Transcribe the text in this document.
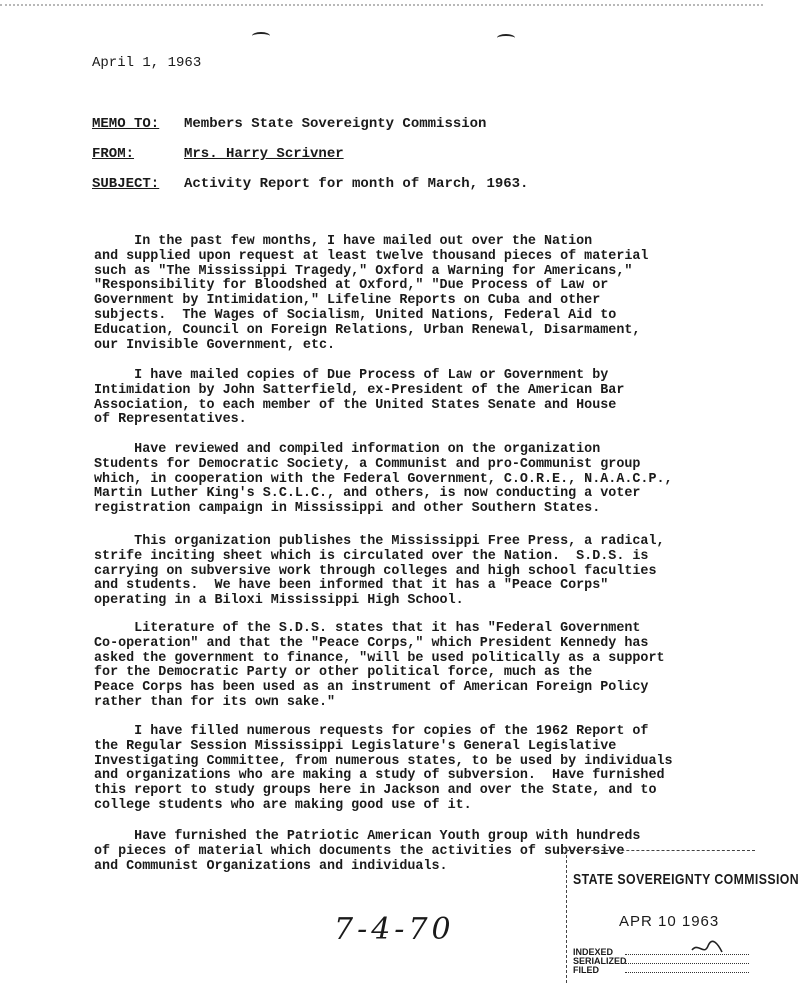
April 1, 1963
MEMO TO: Members State Sovereignty Commission
FROM:	Mrs. Harry Scrivner
SUBJECT: Activity Report for month of March, 1963.

In the past few months, I have mailed out over the Nation
and supplied upon request at least twelve thousand pieces of material
such as "The Mississippi Tragedy," Oxford a Warning for Americans,"
"Responsibility for Bloodshed at Oxford," "Due Process of Law or
Government by Intimidation," Lifeline Reports on Cuba and other
subjects.  The Wages of Socialism, United Nations, Federal Aid to
Education, Council on Foreign Relations, Urban Renewal, Disarmament,
our Invisible Government, etc.

I have mailed copies of Due Process of Law or Government by
Intimidation by John Satterfield, ex-President of the American Bar
Association, to each member of the United States Senate and House
of Representatives.

Have reviewed and compiled information on the organization
Students for Democratic Society, a Communist and pro-Communist group
which, in cooperation with the Federal Government, C.O.R.E., N.A.A.C.P.,
Martin Luther King's S.C.L.C., and others, is now conducting a voter
registration campaign in Mississippi and other Southern States.

This organization publishes the Mississippi Free Press, a radical,
strife inciting sheet which is circulated over the Nation.  S.D.S. is
carrying on subversive work through colleges and high school faculties
and students.  We have been informed that it has a "Peace Corps"
operating in a Biloxi Mississippi High School.

Literature of the S.D.S. states that it has "Federal Government
Co-operation" and that the "Peace Corps," which President Kennedy has
asked the government to finance, "will be used politically as a support
for the Democratic Party or other political force, much as the
Peace Corps has been used as an instrument of American Foreign Policy
rather than for its own sake."

I have filled numerous requests for copies of the 1962 Report of
the Regular Session Mississippi Legislature's General Legislative
Investigating Committee, from numerous states, to be used by individuals
and organizations who are making a study of subversion.  Have furnished
this report to study groups here in Jackson and over the State, and to
college students who are making good use of it.

Have furnished the Patriotic American Youth group with hundreds
of pieces of material which documents the activities of subversive
and Communist Organizations and individuals.

7-4-70
STATE SOVEREIGNTY COMMISSION
APR 10 1963
INDEXED
SERIALIZED
FILED
